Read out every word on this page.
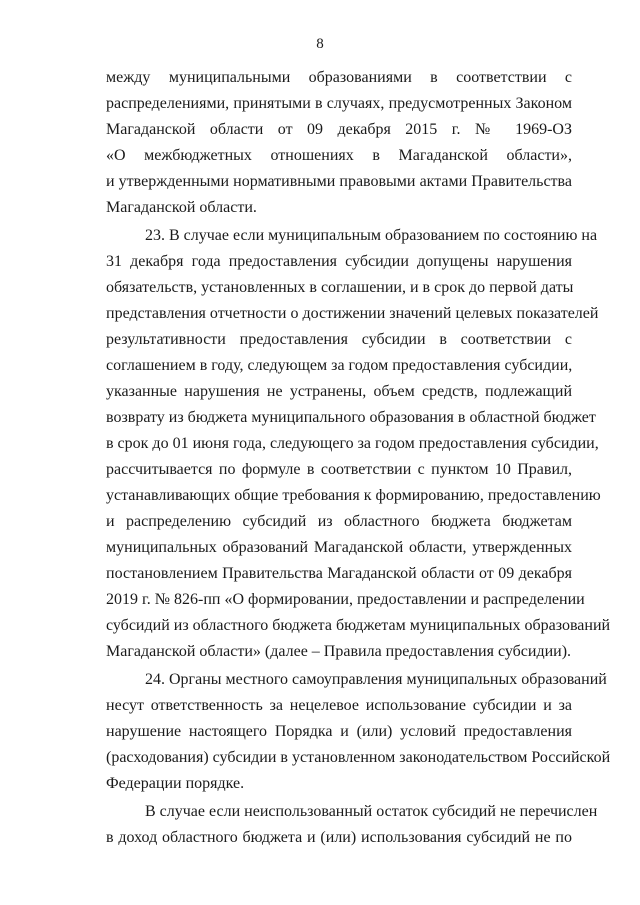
8
между муниципальными образованиями в соответствии с
распределениями, принятыми в случаях, предусмотренных Законом
Магаданской области от 09 декабря 2015 г. № 1969-ОЗ
«О межбюджетных отношениях в Магаданской области»,
и утвержденными нормативными правовыми актами Правительства
Магаданской области.
23. В случае если муниципальным образованием по состоянию на
31 декабря года предоставления субсидии допущены нарушения
обязательств, установленных в соглашении, и в срок до первой даты
представления отчетности о достижении значений целевых показателей
результативности предоставления субсидии в соответствии с
соглашением в году, следующем за годом предоставления субсидии,
указанные нарушения не устранены, объем средств, подлежащий
возврату из бюджета муниципального образования в областной бюджет
в срок до 01 июня года, следующего за годом предоставления субсидии,
рассчитывается по формуле в соответствии с пунктом 10 Правил,
устанавливающих общие требования к формированию, предоставлению
и распределению субсидий из областного бюджета бюджетам
муниципальных образований Магаданской области, утвержденных
постановлением Правительства Магаданской области от 09 декабря
2019 г. № 826-пп «О формировании, предоставлении и распределении
субсидий из областного бюджета бюджетам муниципальных образований
Магаданской области» (далее – Правила предоставления субсидии).
24. Органы местного самоуправления муниципальных образований
несут ответственность за нецелевое использование субсидии и за
нарушение настоящего Порядка и (или) условий предоставления
(расходования) субсидии в установленном законодательством Российской
Федерации порядке.
В случае если неиспользованный остаток субсидий не перечислен
в доход областного бюджета и (или) использования субсидий не по
